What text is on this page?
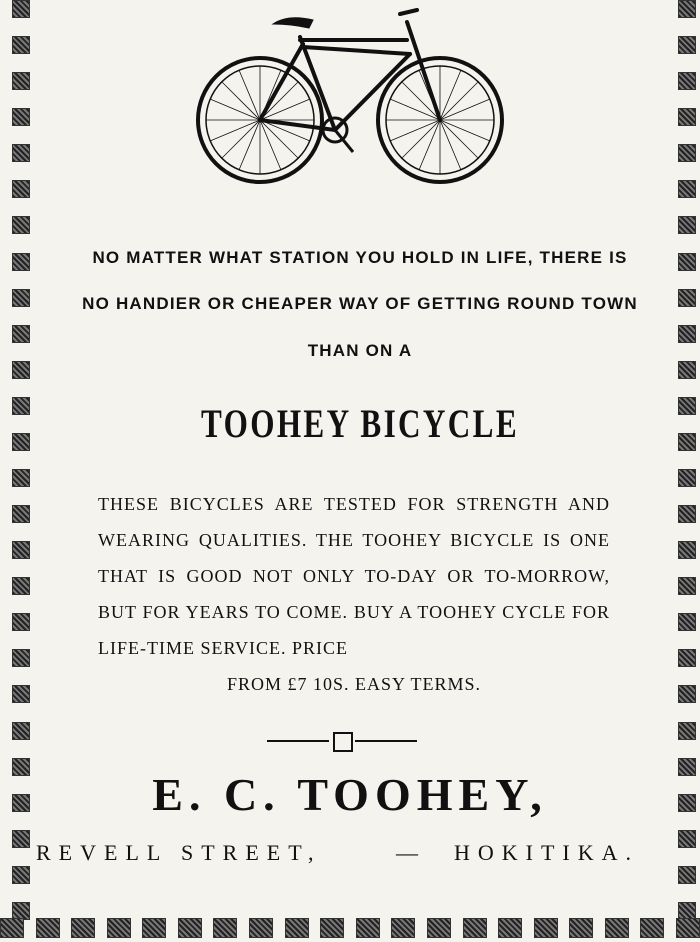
NO MATTER WHAT STATION YOU HOLD IN LIFE, THERE IS
NO HANDIER OR CHEAPER WAY OF GETTING ROUND TOWN
THAN ON A
TOOHEY BICYCLE
THESE BICYCLES ARE TESTED FOR STRENGTH AND WEARING QUALITIES. THE TOOHEY BICYCLE IS ONE THAT IS GOOD NOT ONLY TO-DAY OR TO-MORROW, BUT FOR YEARS TO COME. BUY A TOOHEY CYCLE FOR LIFE-TIME SERVICE. PRICE
FROM £7 10S. EASY TERMS.
E. C. TOOHEY,
REVELL STREET,	— HOKITIKA.
